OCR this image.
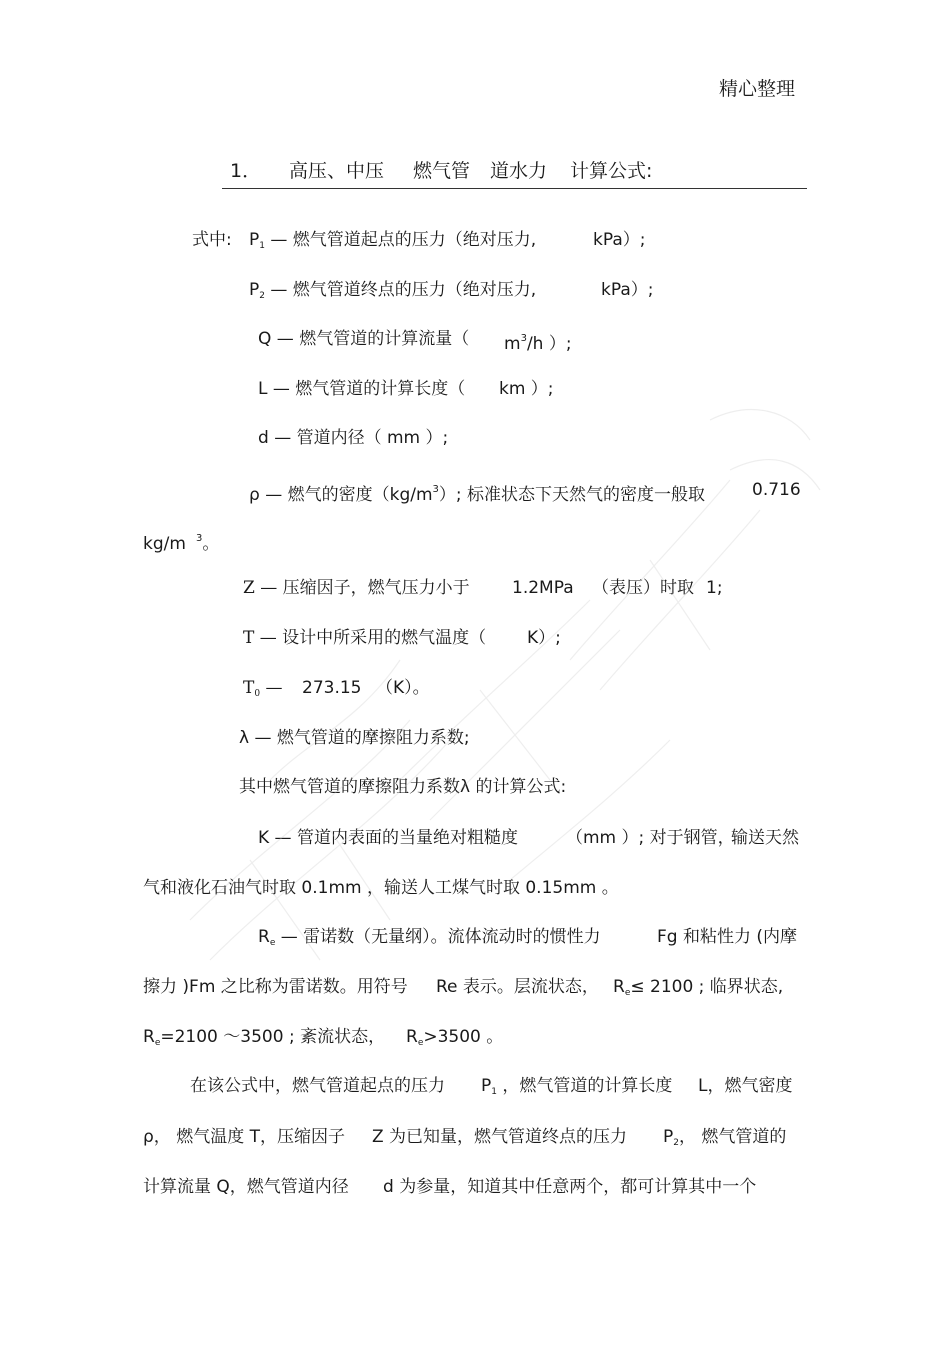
精心整理
1． 高压、中压 燃气管 道水力 计算公式:
式中: $P_1$ — 燃气管道起点的压力（绝对压力,	kPa）;
$P_2$ — 燃气管道终点的压力（绝对压力,	kPa）;
Q — 燃气管道的计算流量（ $m^3/h$ ）;
L — 燃气管道的计算长度（ km ）;
d — 管道内径（ mm ）;
ρ — 燃气的密度$(kg/m^3)$; 标准状态下天然气的密度一般取	0.716
kg/m $^3$。
Z — 压缩因子，燃气压力小于 1.2MPa （表压）时取 1;
T — 设计中所采用的燃气温度（ K）;
$T_0$ — 273.15 （K）。
λ — 燃气管道的摩擦阻力系数;
其中燃气管道的摩擦阻力系数λ 的计算公式:
K — 管道内表面的当量绝对粗糙度	（mm ）; 对于钢管，
输送天然
气和液化石油气时取 0.1mm ，输送人工煤气时取 0.15mm 。
$R_e$ — 雷诺数（无量纲）。流体流动时的惯性力	Fg 和粘性力 (内摩
擦力 )Fm 之比称为雷诺数。用符号 Re 表示。层流状态， $R_e\le 2100$ ; 临界状态,
$R_e=2100$ ～3500 ; 紊流状态， $R_e>3500$ 。
在该公式中，燃气管道起点的压力 $P_1$ ，燃气管道的计算长度 L，燃气密度
ρ， 燃气温度 T，压缩因子 Z 为已知量，燃气管道终点的压力 $P_2$， 燃气管道的
计算流量 Q，燃气管道内径 d 为参量，知道其中任意两个，都可计算其中一个
